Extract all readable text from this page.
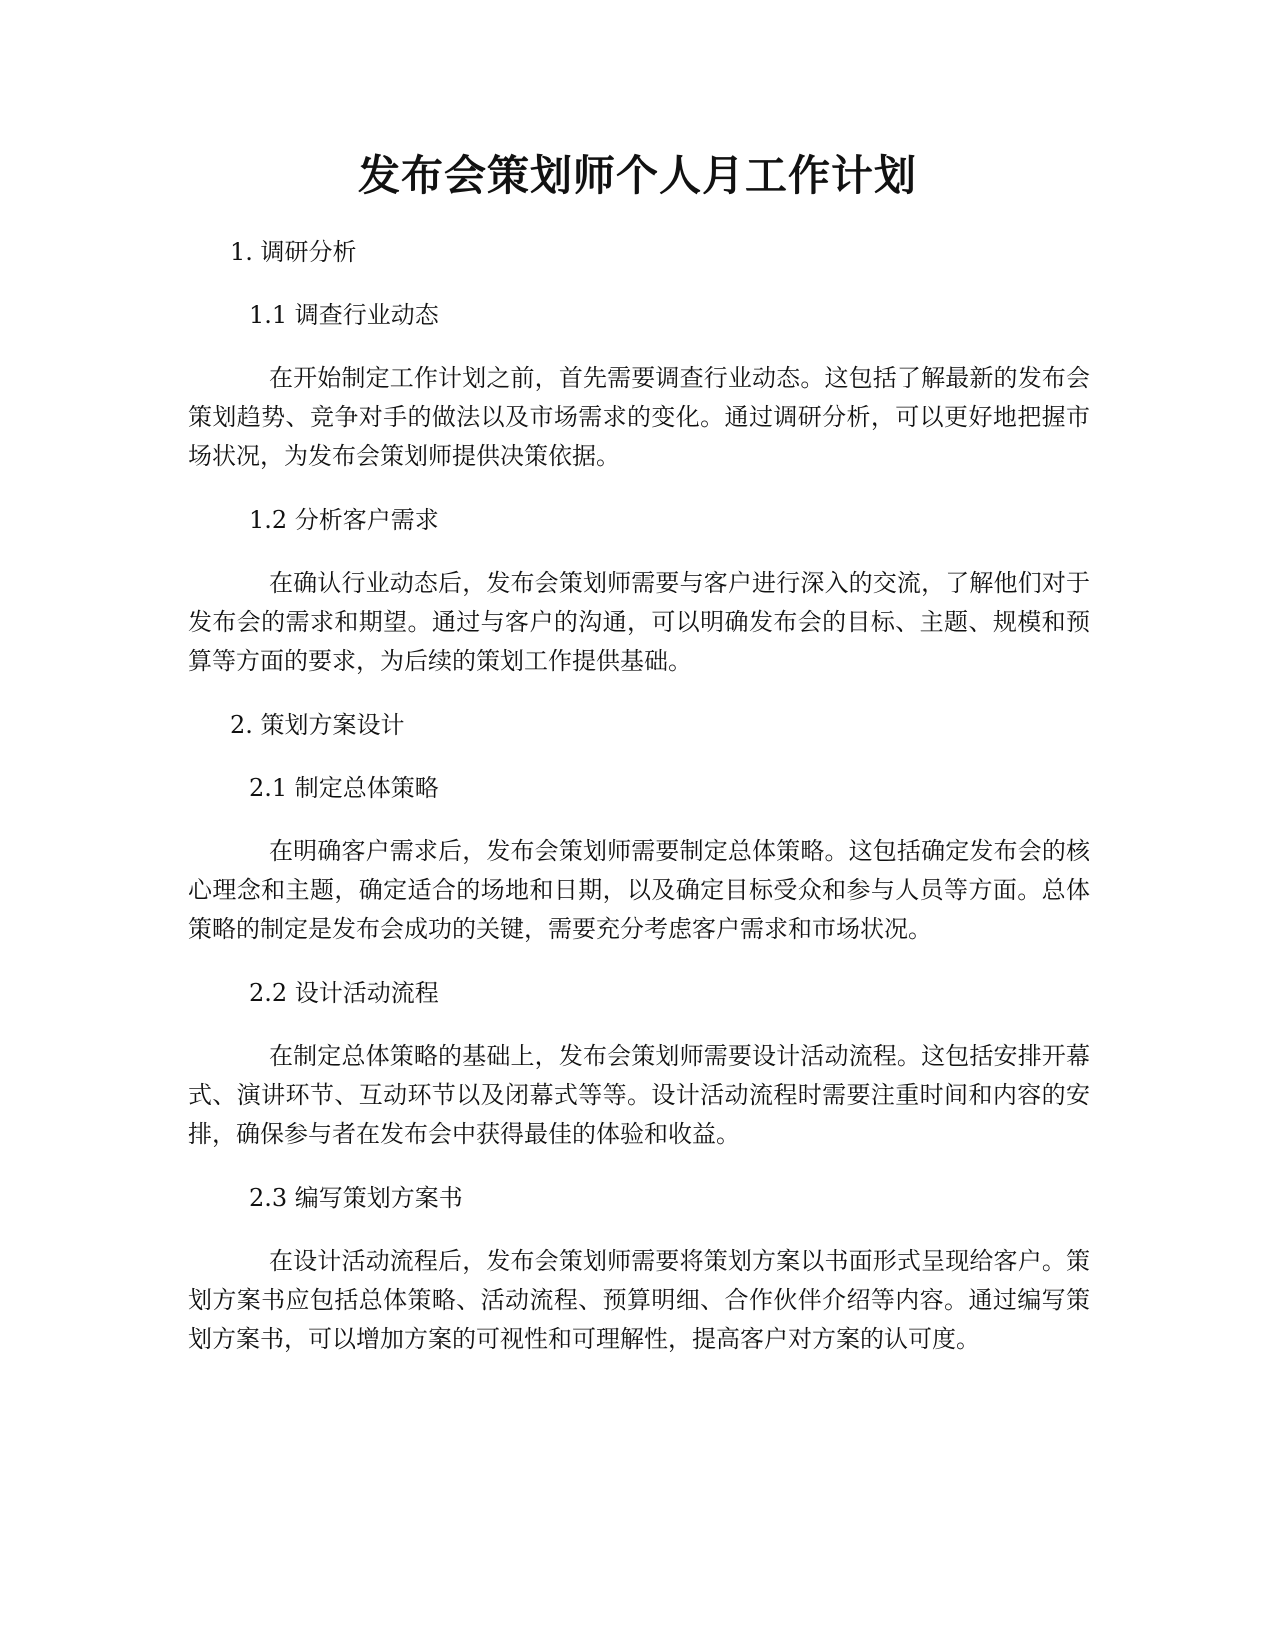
发布会策划师个人月工作计划

1. 调研分析

1.1 调查行业动态

在开始制定工作计划之前，首先需要调查行业动态。这包括了解最新的发布会策划趋势、竞争对手的做法以及市场需求的变化。通过调研分析，可以更好地把握市场状况，为发布会策划师提供决策依据。

1.2 分析客户需求

在确认行业动态后，发布会策划师需要与客户进行深入的交流，了解他们对于发布会的需求和期望。通过与客户的沟通，可以明确发布会的目标、主题、规模和预算等方面的要求，为后续的策划工作提供基础。

2. 策划方案设计

2.1 制定总体策略

在明确客户需求后，发布会策划师需要制定总体策略。这包括确定发布会的核心理念和主题，确定适合的场地和日期，以及确定目标受众和参与人员等方面。总体策略的制定是发布会成功的关键，需要充分考虑客户需求和市场状况。

2.2 设计活动流程

在制定总体策略的基础上，发布会策划师需要设计活动流程。这包括安排开幕式、演讲环节、互动环节以及闭幕式等等。设计活动流程时需要注重时间和内容的安排，确保参与者在发布会中获得最佳的体验和收益。

2.3 编写策划方案书

在设计活动流程后，发布会策划师需要将策划方案以书面形式呈现给客户。策划方案书应包括总体策略、活动流程、预算明细、合作伙伴介绍等内容。通过编写策划方案书，可以增加方案的可视性和可理解性，提高客户对方案的认可度。
